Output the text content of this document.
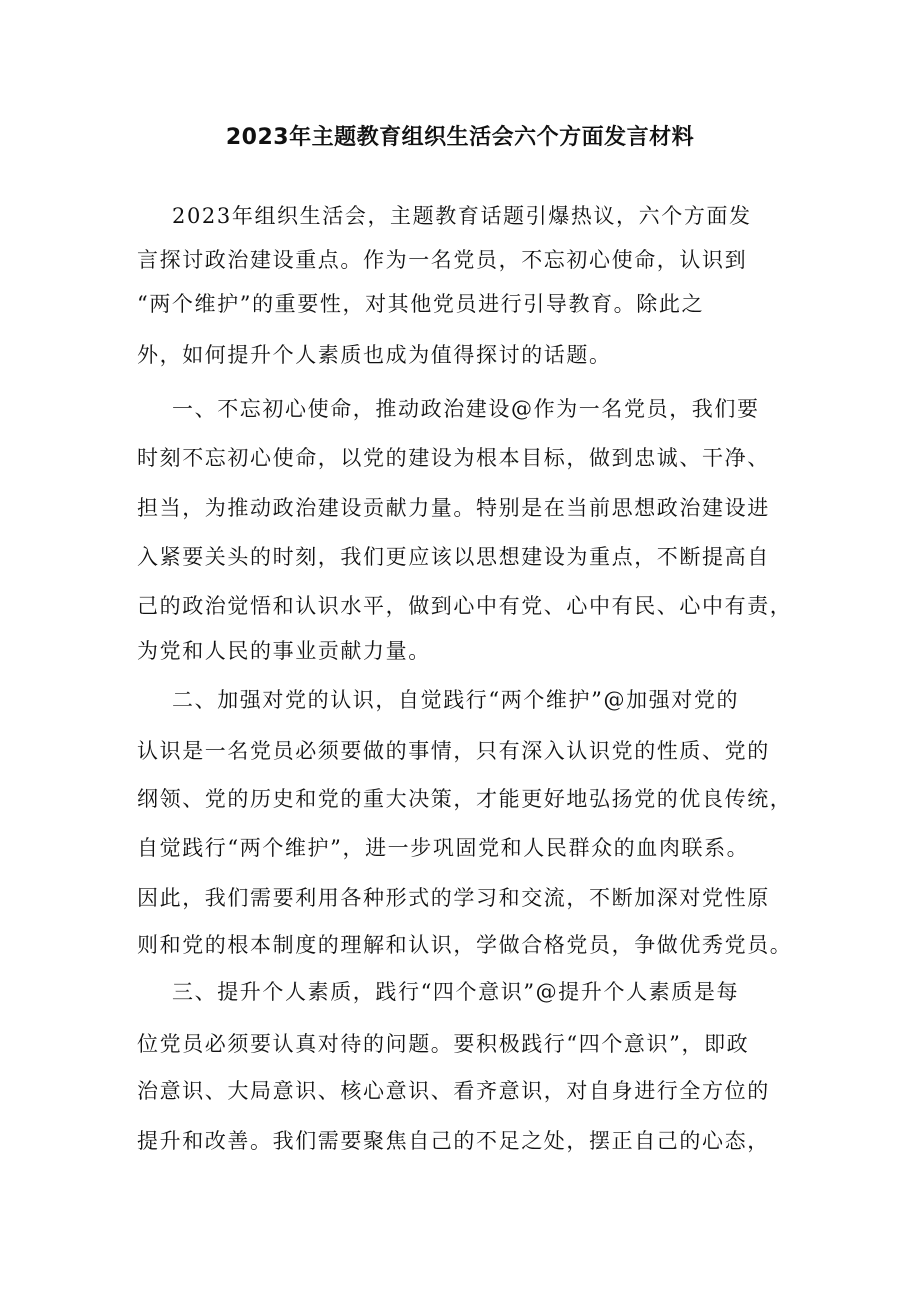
2023年主题教育组织生活会六个方面发言材料
2023年组织生活会，主题教育话题引爆热议，六个方面发
言探讨政治建设重点。作为一名党员，不忘初心使命，认识到
“两个维护”的重要性，对其他党员进行引导教育。除此之
外，如何提升个人素质也成为值得探讨的话题。
一、不忘初心使命，推动政治建设@作为一名党员，我们要
时刻不忘初心使命，以党的建设为根本目标，做到忠诚、干净、
担当，为推动政治建设贡献力量。特别是在当前思想政治建设进
入紧要关头的时刻，我们更应该以思想建设为重点，不断提高自
己的政治觉悟和认识水平，做到心中有党、心中有民、心中有责，
为党和人民的事业贡献力量。
二、加强对党的认识，自觉践行“两个维护”@加强对党的
认识是一名党员必须要做的事情，只有深入认识党的性质、党的
纲领、党的历史和党的重大决策，才能更好地弘扬党的优良传统，
自觉践行“两个维护”，进一步巩固党和人民群众的血肉联系。
因此，我们需要利用各种形式的学习和交流，不断加深对党性原
则和党的根本制度的理解和认识，学做合格党员，争做优秀党员。
三、提升个人素质，践行“四个意识”@提升个人素质是每
位党员必须要认真对待的问题。要积极践行“四个意识”，即政
治意识、大局意识、核心意识、看齐意识，对自身进行全方位的
提升和改善。我们需要聚焦自己的不足之处，摆正自己的心态，
